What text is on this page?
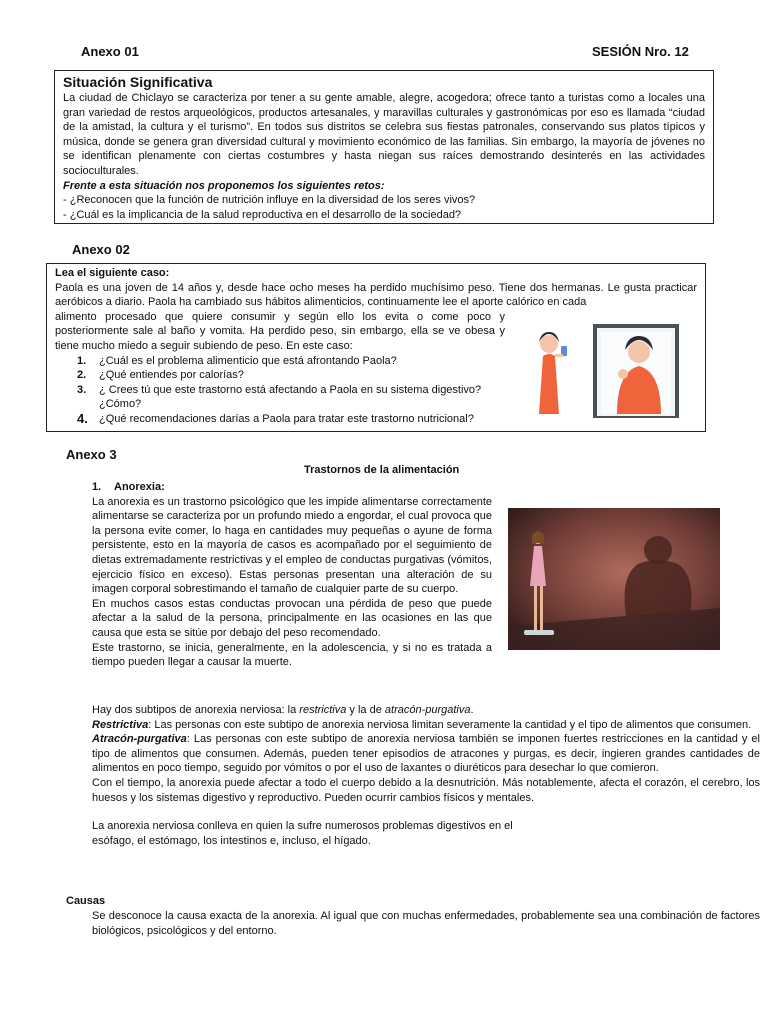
Anexo 01	SESIÓN Nro. 12
Situación Significativa

La ciudad de Chiclayo se caracteriza por tener a su gente amable, alegre, acogedora; ofrece tanto a turistas como a locales una gran variedad de restos arqueológicos, productos artesanales, y maravillas culturales y gastronómicas por eso es llamada “ciudad de la amistad, la cultura y el turismo”. En todos sus distritos se celebra sus fiestas patronales, conservando sus platos típicos y música, donde se genera gran diversidad cultural y movimiento económico de las familias. Sin embargo, la mayoría de jóvenes no se identifican plenamente con ciertas costumbres y hasta niegan sus raíces demostrando desinterés en las actividades socioculturales.

Frente a esta situación nos proponemos los siguientes retos:

- ¿Reconocen que la función de nutrición influye en la diversidad de los seres vivos?

- ¿Cuál es la implicancia de la salud reproductiva en el desarrollo de la sociedad?

Anexo 02

Lea el siguiente caso:

Paola es una joven de 14 años y, desde hace ocho meses ha perdido muchísimo peso. Tiene dos hermanas. Le gusta practicar aeróbicos a diario. Paola ha cambiado sus hábitos alimenticios, continuamente lee el aporte calórico en cada

alimento procesado que quiere consumir y según ello los evita o come poco y posteriormente sale al baño y vomita. Ha perdido peso, sin embargo, ella se ve obesa y tiene mucho miedo a seguir subiendo de peso. En este caso:

1. ¿Cuál es el problema alimenticio que está afrontando Paola?
2. ¿Qué entiendes por calorías?
3. ¿ Crees tú que este trastorno está afectando a Paola en su sistema digestivo? ¿Cómo?
4. ¿Qué recomendaciones darías a Paola para tratar este trastorno nutricional?
Anexo 3
Trastornos de la alimentación

1. Anorexia:

La anorexia es un trastorno psicológico que les impide alimentarse correctamente alimentarse se caracteriza por un profundo miedo a engordar, el cual provoca que la persona evite comer, lo haga en cantidades muy pequeñas o ayune de forma persistente, esto en la mayoría de casos es acompañado por el seguimiento de dietas extremadamente restrictivas y el empleo de conductas purgativas (vómitos, ejercicio físico en exceso). Estas personas presentan una alteración de su imagen corporal sobrestimando el tamaño de cualquier parte de su cuerpo.

En muchos casos estas conductas provocan una pérdida de peso que puede afectar a la salud de la persona, principalmente en las ocasiones en las que causa que esta se sitúe por debajo del peso recomendado.

Este trastorno, se inicia, generalmente, en la adolescencia, y si no es tratada a tiempo pueden llegar a causar la muerte.

Hay dos subtipos de anorexia nerviosa: la restrictiva y la de atracón-purgativa.

Restrictiva: Las personas con este subtipo de anorexia nerviosa limitan severamente la cantidad y el tipo de alimentos que consumen.

Atracón-purgativa: Las personas con este subtipo de anorexia nerviosa también se imponen fuertes restricciones en la cantidad y el tipo de alimentos que consumen. Además, pueden tener episodios de atracones y purgas, es decir, ingieren grandes cantidades de alimentos en poco tiempo, seguido por vómitos o por el uso de laxantes o diuréticos para desechar lo que comieron.

Con el tiempo, la anorexia puede afectar a todo el cuerpo debido a la desnutrición. Más notablemente, afecta el corazón, el cerebro, los huesos y los sistemas digestivo y reproductivo. Pueden ocurrir cambios físicos y mentales.

La anorexia nerviosa conlleva en quien la sufre numerosos problemas digestivos en el

esófago, el estómago, los intestinos e, incluso, el hígado.

Causas
Se desconoce la causa exacta de la anorexia. Al igual que con muchas enfermedades, probablemente sea una combinación de factores biológicos, psicológicos y del entorno.
